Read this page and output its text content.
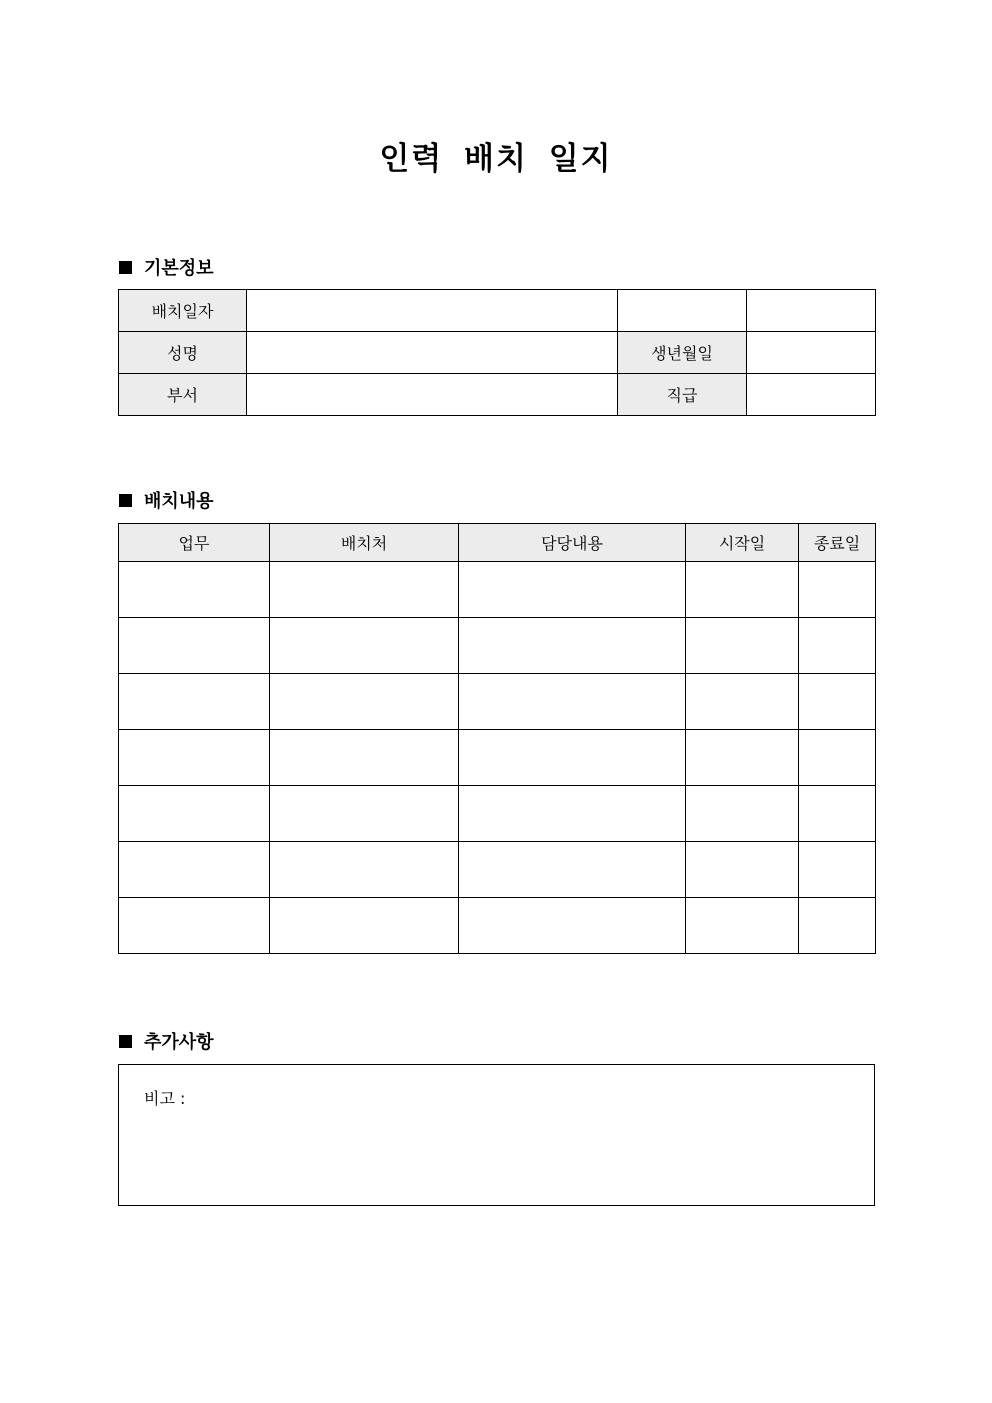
인력 배치 일지
기본정보
배치일자			
성명		생년월일	
부서		직급	
배치내용
업무	배치처	담당내용	시작일	종료일

추가사항
비고 :
